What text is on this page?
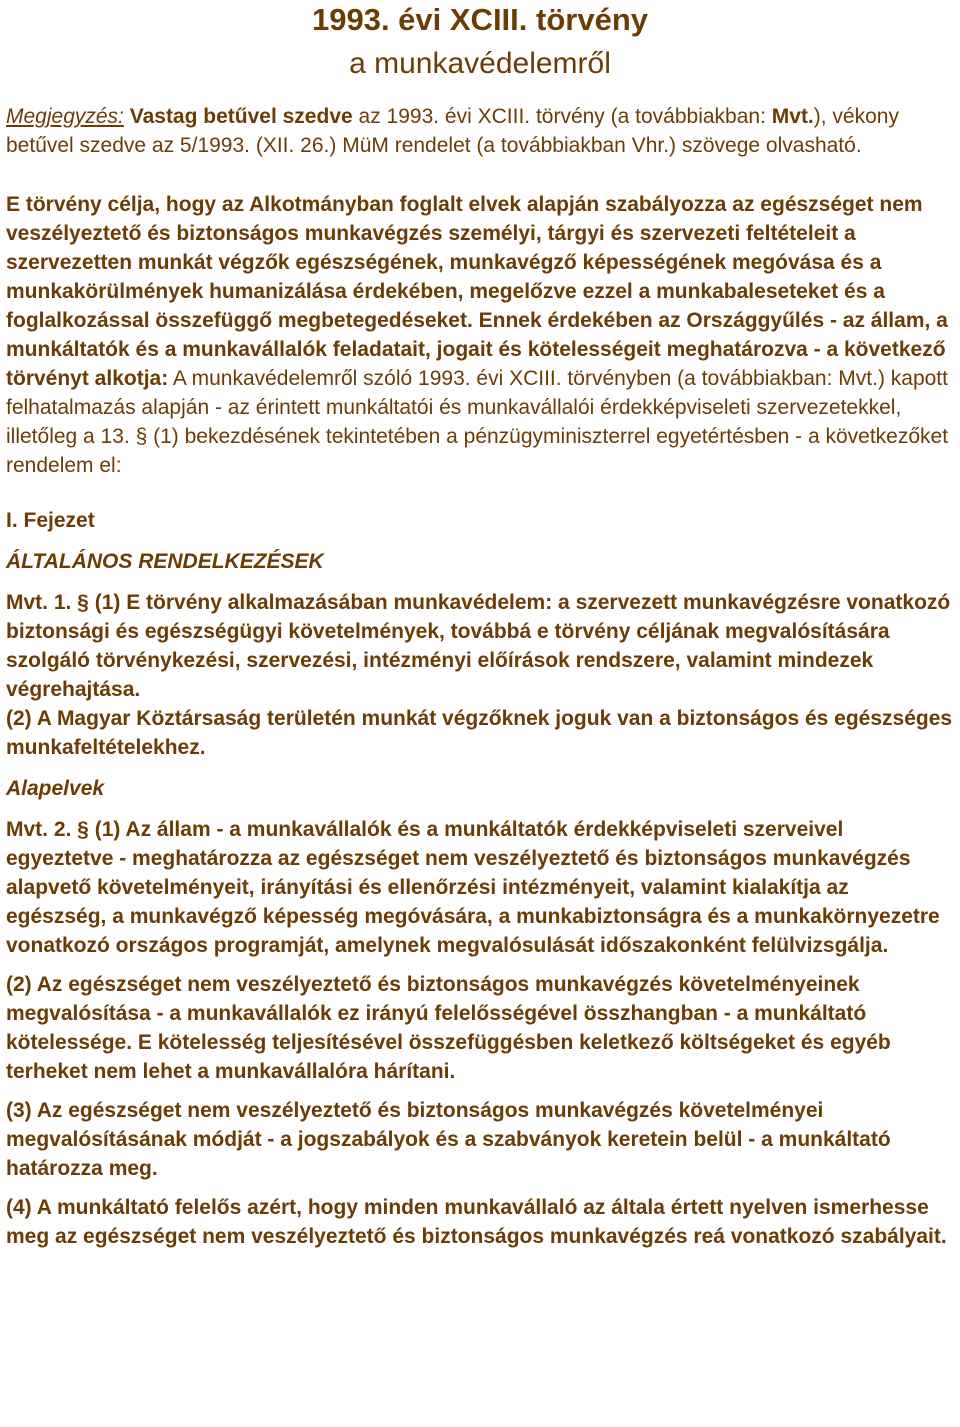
1993. évi XCIII. törvény
a munkavédelemről

Megjegyzés: Vastag betűvel szedve az 1993. évi XCIII. törvény (a továbbiakban: Mvt.), vékony betűvel szedve az 5/1993. (XII. 26.) MüM rendelet (a továbbiakban Vhr.) szövege olvasható.

E törvény célja, hogy az Alkotmányban foglalt elvek alapján szabályozza az egészséget nem veszélyeztető és biztonságos munkavégzés személyi, tárgyi és szervezeti feltételeit a szervezetten munkát végzők egészségének, munkavégző képességének megóvása és a munkakörülmények humanizálása érdekében, megelőzve ezzel a munkabaleseteket és a foglalkozással összefüggő megbetegedéseket. Ennek érdekében az Országgyűlés - az állam, a munkáltatók és a munkavállalók feladatait, jogait és kötelességeit meghatározva - a következő törvényt alkotja: A munkavédelemről szóló 1993. évi XCIII. törvényben (a továbbiakban: Mvt.) kapott felhatalmazás alapján - az érintett munkáltatói és munkavállalói érdekképviseleti szervezetekkel, illetőleg a 13. § (1) bekezdésének tekintetében a pénzügyminiszterrel egyetértésben - a következőket rendelem el:

I. Fejezet

ÁLTALÁNOS RENDELKEZÉSEK

Mvt. 1. § (1) E törvény alkalmazásában munkavédelem: a szervezett munkavégzésre vonatkozó biztonsági és egészségügyi követelmények, továbbá e törvény céljának megvalósítására szolgáló törvénykezési, szervezési, intézményi előírások rendszere, valamint mindezek végrehajtása.

(2) A Magyar Köztársaság területén munkát végzőknek joguk van a biztonságos és egészséges munkafeltételekhez.

Alapelvek

Mvt. 2. § (1) Az állam - a munkavállalók és a munkáltatók érdekképviseleti szerveivel egyeztetve - meghatározza az egészséget nem veszélyeztető és biztonságos munkavégzés alapvető követelményeit, irányítási és ellenőrzési intézményeit, valamint kialakítja az egészség, a munkavégző képesség megóvására, a munkabiztonságra és a munkakörnyezetre vonatkozó országos programját, amelynek megvalósulását időszakonként felülvizsgálja.

(2) Az egészséget nem veszélyeztető és biztonságos munkavégzés követelményeinek megvalósítása - a munkavállalók ez irányú felelősségével összhangban - a munkáltató kötelessége. E kötelesség teljesítésével összefüggésben keletkező költségeket és egyéb terheket nem lehet a munkavállalóra hárítani.

(3) Az egészséget nem veszélyeztető és biztonságos munkavégzés követelményei megvalósításának módját - a jogszabályok és a szabványok keretein belül - a munkáltató határozza meg.

(4) A munkáltató felelős azért, hogy minden munkavállaló az általa értett nyelven ismerhesse meg az egészséget nem veszélyeztető és biztonságos munkavégzés reá vonatkozó szabályait.
